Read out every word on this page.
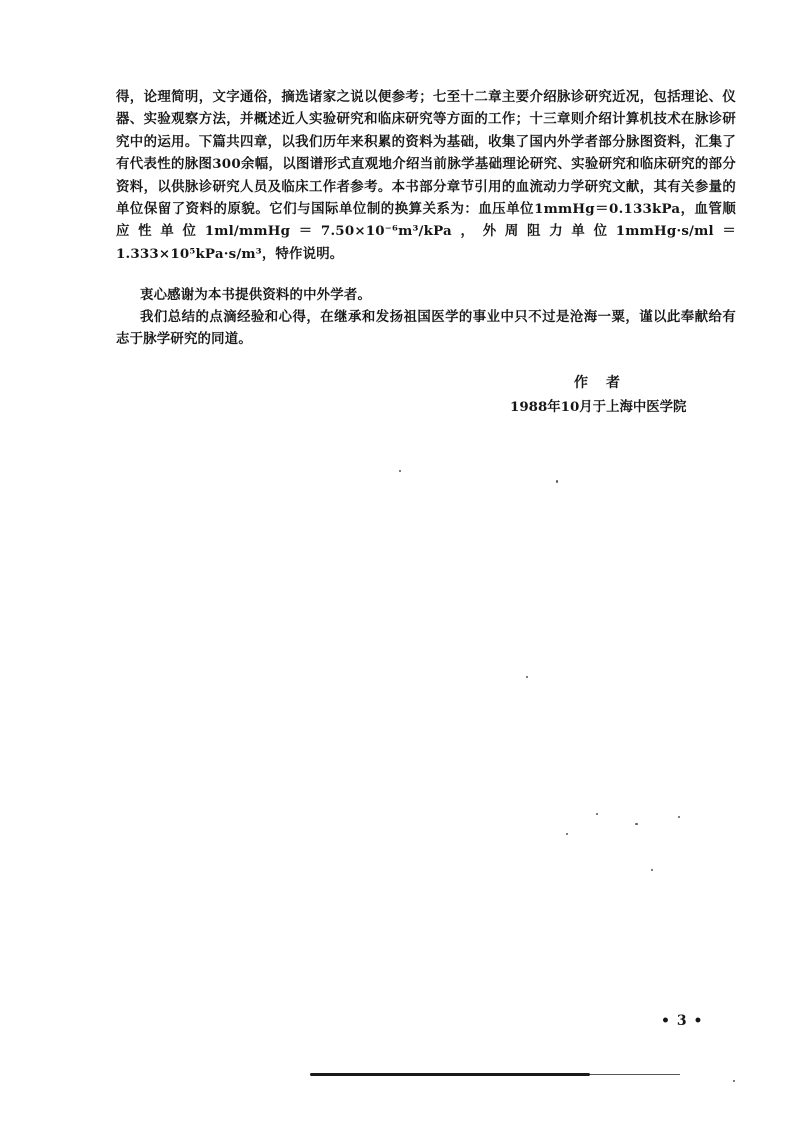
得，论理简明，文字通俗，摘选诸家之说以便参考；七至十二章主要介绍脉诊研究近况，包括理论、仪器、实验观察方法，并概述近人实验研究和临床研究等方面的工作；十三章则介绍计算机技术在脉诊研究中的运用。下篇共四章，以我们历年来积累的资料为基础，收集了国内外学者部分脉图资料，汇集了有代表性的脉图300余幅，以图谱形式直观地介绍当前脉学基础理论研究、实验研究和临床研究的部分资料，以供脉诊研究人员及临床工作者参考。本书部分章节引用的血流动力学研究文献，其有关参量的单位保留了资料的原貌。它们与国际单位制的换算关系为：血压单位1mmHg＝0.133kPa，血管顺应性单位1ml/mmHg＝7.50×10⁻⁶m³/kPa，外周阻力单位1mmHg·s/ml＝1.333×10⁵kPa·s/m³，特作说明。

衷心感谢为本书提供资料的中外学者。

我们总结的点滴经验和心得，在继承和发扬祖国医学的事业中只不过是沧海一粟，谨以此奉献给有志于脉学研究的同道。

作　者
1988年10月于上海中医学院
• 3 •
